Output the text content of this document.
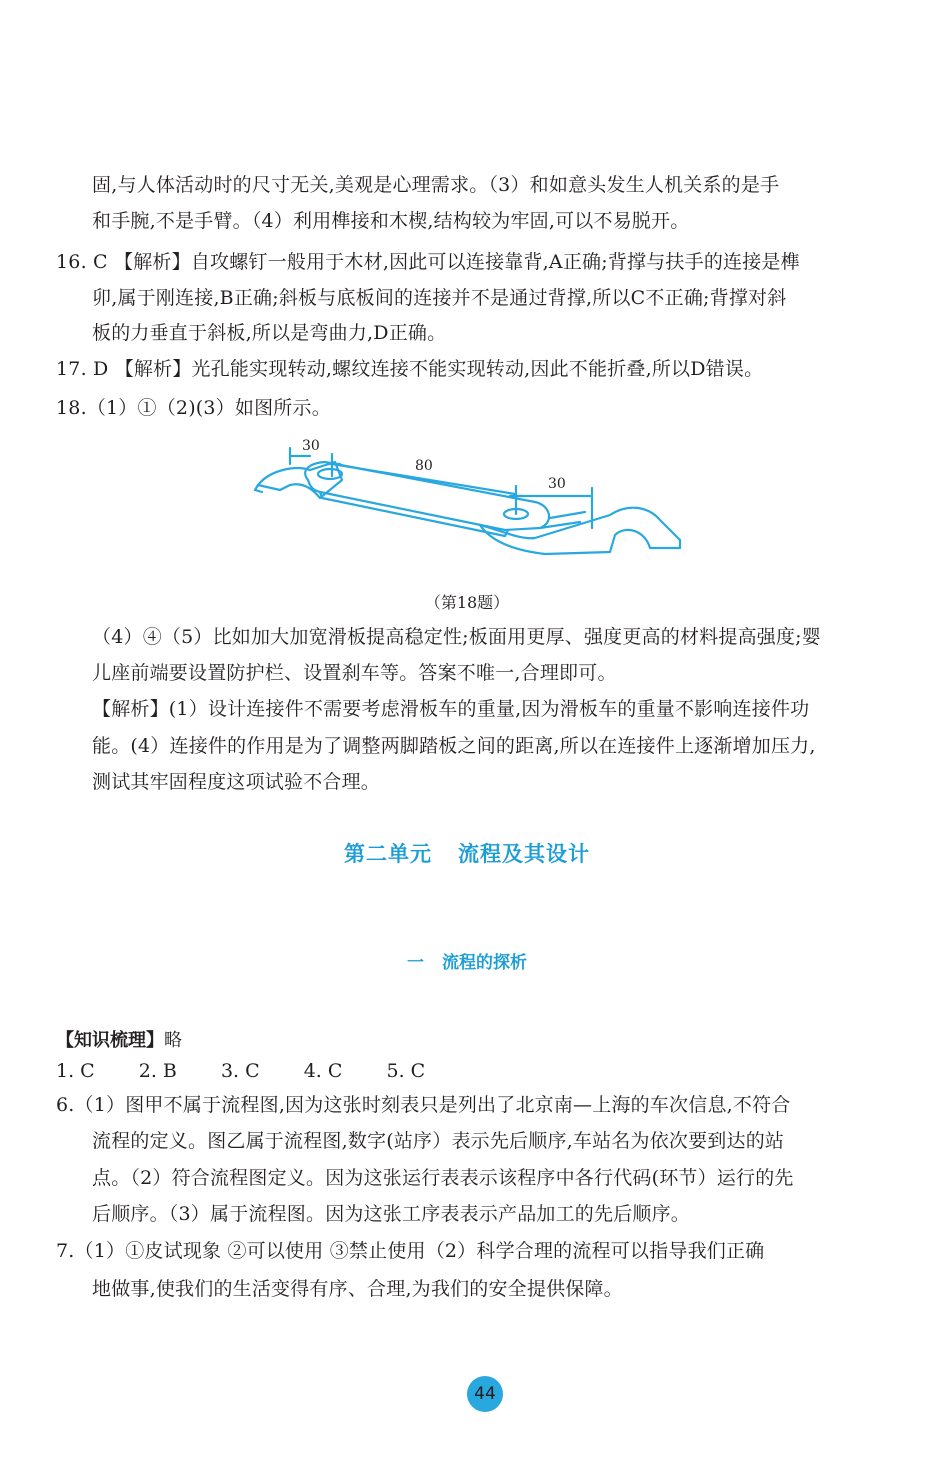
固,与人体活动时的尺寸无关,美观是心理需求。（3）和如意头发生人机关系的是手
和手腕,不是手臂。（4）利用榫接和木楔,结构较为牢固,可以不易脱开。
16. C 【解析】自攻螺钉一般用于木材,因此可以连接靠背,A正确;背撑与扶手的连接是榫
卯,属于刚连接,B正确;斜板与底板间的连接并不是通过背撑,所以C不正确;背撑对斜
板的力垂直于斜板,所以是弯曲力,D正确。
17. D 【解析】光孔能实现转动,螺纹连接不能实现转动,因此不能折叠,所以D错误。
18.（1）①（2)(3）如图所示。
30
80
30
（第18题）
（4）④（5）比如加大加宽滑板提高稳定性;板面用更厚、强度更高的材料提高强度;婴
儿座前端要设置防护栏、设置刹车等。答案不唯一,合理即可。
【解析】(1）设计连接件不需要考虑滑板车的重量,因为滑板车的重量不影响连接件功
能。(4）连接件的作用是为了调整两脚踏板之间的距离,所以在连接件上逐渐增加压力,
测试其牢固程度这项试验不合理。
第二单元 流程及其设计
一 流程的探析
【知识梳理】略
1. C 2. B 3. C 4. C 5. C
6.（1）图甲不属于流程图,因为这张时刻表只是列出了北京南—上海的车次信息,不符合
流程的定义。图乙属于流程图,数字(站序）表示先后顺序,车站名为依次要到达的站
点。（2）符合流程图定义。因为这张运行表表示该程序中各行代码(环节）运行的先
后顺序。（3）属于流程图。因为这张工序表表示产品加工的先后顺序。
7.（1）①皮试现象 ②可以使用 ③禁止使用（2）科学合理的流程可以指导我们正确
地做事,使我们的生活变得有序、合理,为我们的安全提供保障。
44
